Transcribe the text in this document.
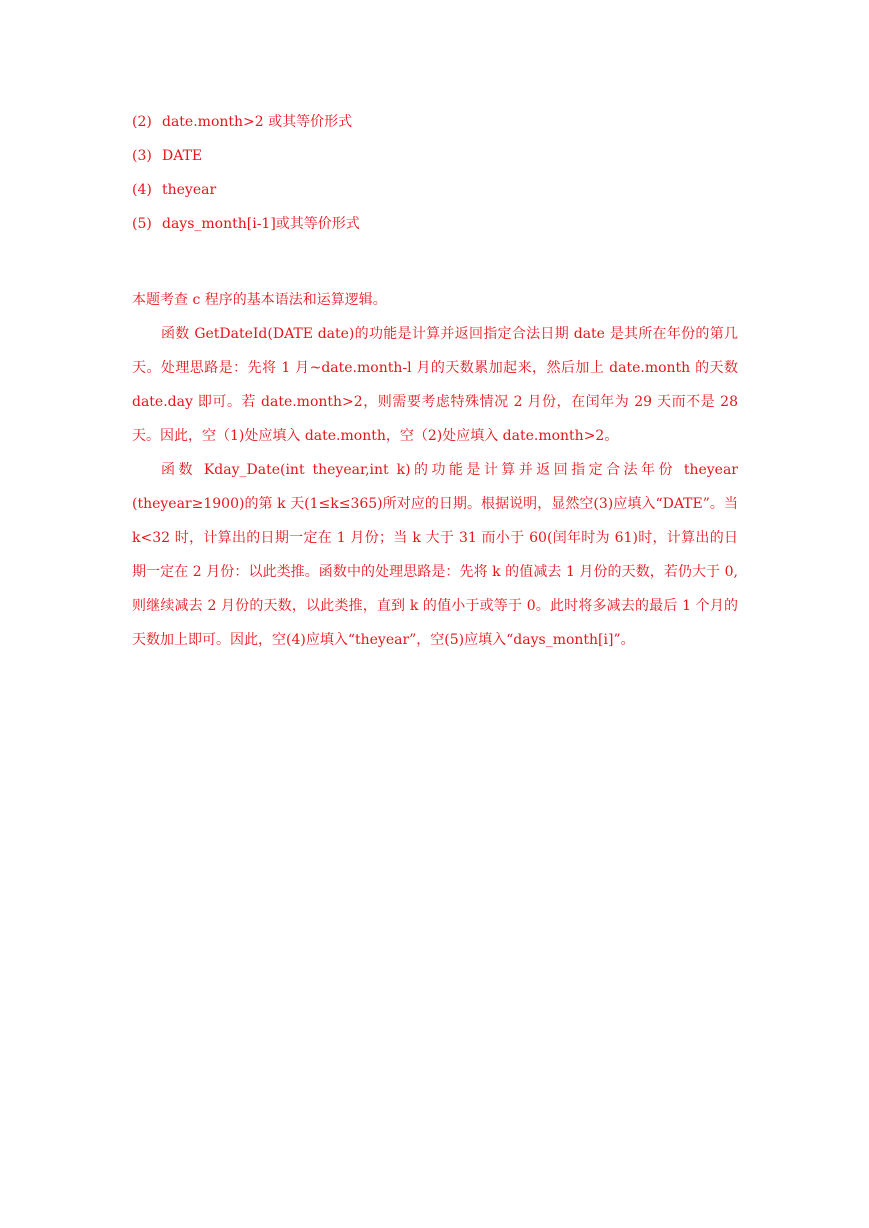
(2) date.month>2 或其等价形式
(3) DATE
(4) theyear
(5) days_month[i-1]或其等价形式

本题考查 c 程序的基本语法和运算逻辑。

函数 GetDateId(DATE date)的功能是计算并返回指定合法日期 date 是其所在年份的第几天。处理思路是：先将 1 月~date.month-l 月的天数累加起来，然后加上 date.month 的天数 date.day 即可。若 date.month>2，则需要考虑特殊情况 2 月份，在闰年为 29 天而不是 28 天。因此，空（1)处应填入 date.month，空（2)处应填入 date.month>2。

函数 Kday_Date(int theyear,int k)的功能是计算并返回指定合法年份 theyear (theyear≥1900)的第 k 天(1≤k≤365)所对应的日期。根据说明，显然空(3)应填入“DATE”。当 k<32 时，计算出的日期一定在 1 月份；当 k 大于 31 而小于 60(闰年时为 61)时，计算出的日期一定在 2 月份：以此类推。函数中的处理思路是：先将 k 的值减去 1 月份的天数，若仍大于 0,则继续减去 2 月份的天数，以此类推，直到 k 的值小于或等于 0。此时将多减去的最后 1 个月的天数加上即可。因此，空(4)应填入“theyear”，空(5)应填入“days_month[i]”。
